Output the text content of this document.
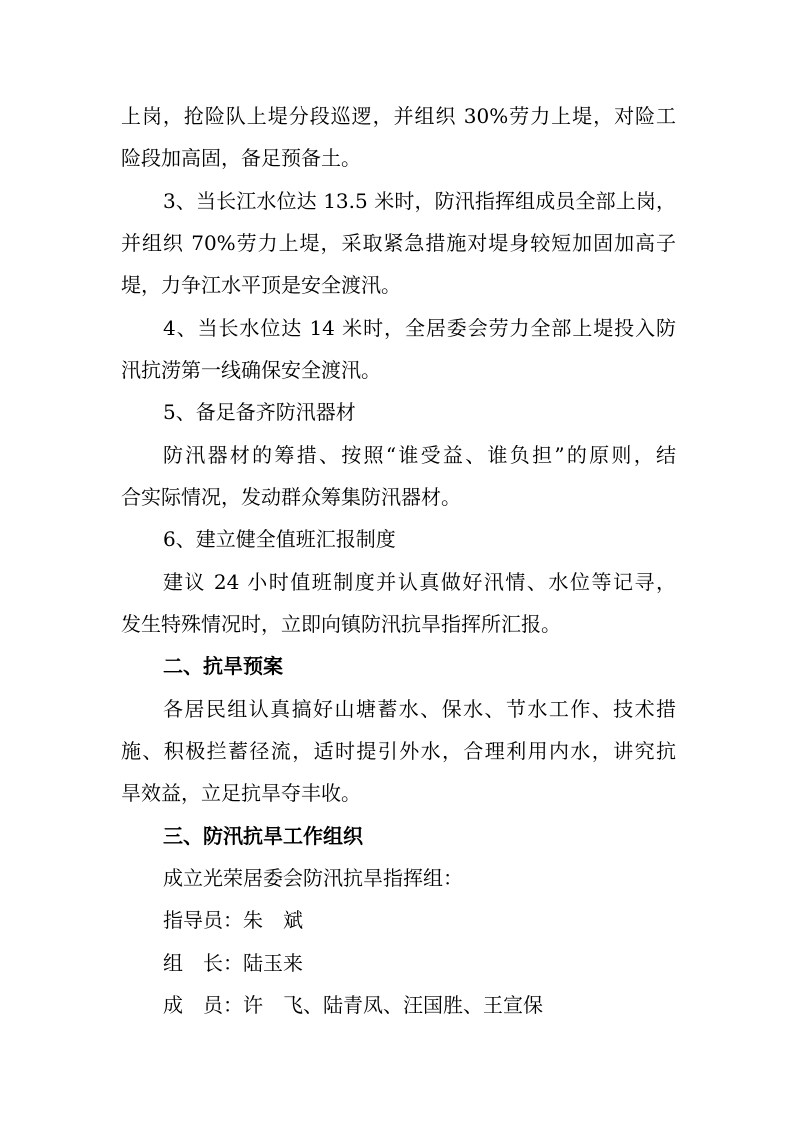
上岗，抢险队上堤分段巡逻，并组织 30%劳力上堤，对险工
险段加高固，备足预备土。
3、当长江水位达 13.5 米时，防汛指挥组成员全部上岗，
并组织 70%劳力上堤，采取紧急措施对堤身较短加固加高子
堤，力争江水平顶是安全渡汛。
4、当长水位达 14 米时，全居委会劳力全部上堤投入防
汛抗涝第一线确保安全渡汛。
5、备足备齐防汛器材
防汛器材的筹措、按照“谁受益、谁负担”的原则，结
合实际情况，发动群众筹集防汛器材。
6、建立健全值班汇报制度
建议 24 小时值班制度并认真做好汛情、水位等记寻，
发生特殊情况时，立即向镇防汛抗旱指挥所汇报。
二、抗旱预案
各居民组认真搞好山塘蓄水、保水、节水工作、技术措
施、积极拦蓄径流，适时提引外水，合理利用内水，讲究抗
旱效益，立足抗旱夺丰收。
三、防汛抗旱工作组织
成立光荣居委会防汛抗旱指挥组：
指导员：朱　斌
组　长：陆玉来
成　员：许　飞、陆青凤、汪国胜、王宣保
